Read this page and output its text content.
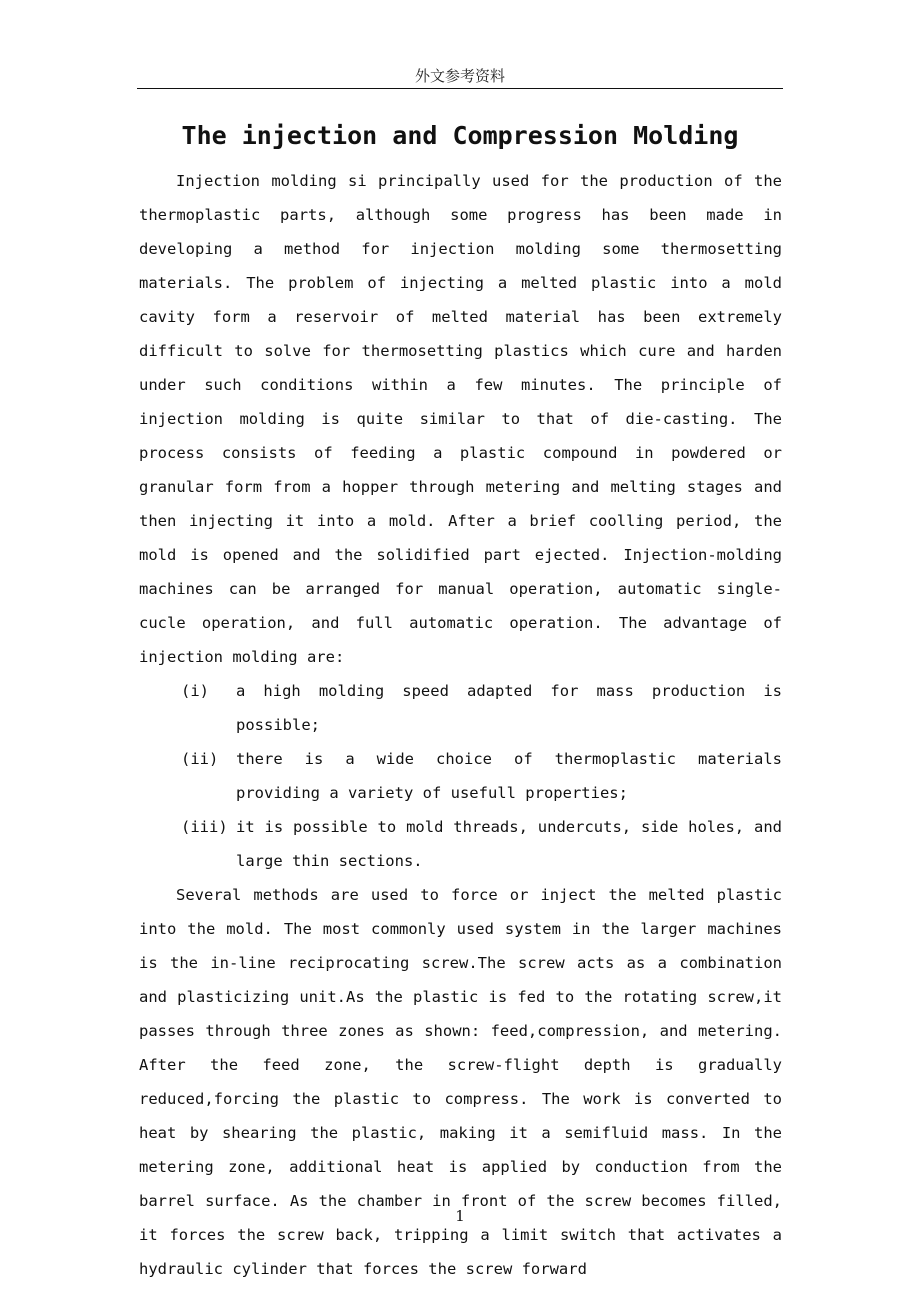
外文参考资料
The injection and Compression Molding

Injection molding si principally used for the production of the thermoplastic parts, although some progress has been made in developing a method for injection molding some thermosetting materials. The problem of injecting a melted plastic into a mold cavity form a reservoir of melted material has been extremely difficult to solve for thermosetting plastics which cure and harden under such conditions within a few minutes. The principle of injection molding is quite similar to that of die-casting. The process consists of feeding a plastic compound in powdered or granular form from a hopper through metering and melting stages and then injecting it into a mold. After a brief coolling period, the mold is opened and the solidified part ejected. Injection-molding machines can be arranged for manual operation, automatic single-cucle operation, and full automatic operation. The advantage of injection molding are:

(i) a high molding speed adapted for mass production is possible;
(ii) there is a wide choice of thermoplastic materials providing a variety of usefull properties;
(iii) it is possible to mold threads, undercuts, side holes, and large thin sections.

Several methods are used to force or inject the melted plastic into the mold. The most commonly used system in the larger machines is the in-line reciprocating screw.The screw acts as a combination and plasticizing unit.As the plastic is fed to the rotating screw,it passes through three zones as shown: feed,compression, and metering. After the feed zone, the screw-flight depth is gradually reduced,forcing the plastic to compress. The work is converted to heat by shearing the plastic, making it a semifluid mass. In the metering zone, additional heat is applied by conduction from the barrel surface. As the chamber in front of the screw becomes filled, it forces the screw back, tripping a limit switch that activates a hydraulic cylinder that forces the screw forward

1
